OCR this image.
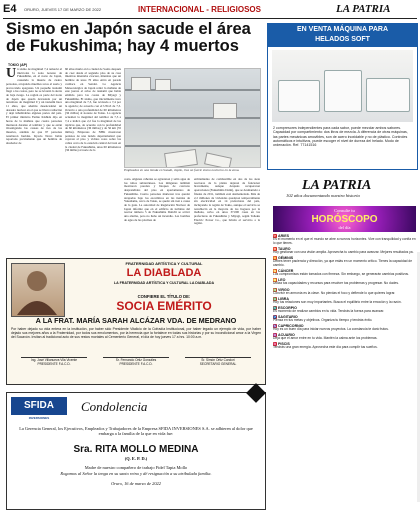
E4 ORURO, JUEVES 17 DE MARZO DE 2022	INTERNACIONAL - RELIGIOSOS	LA PATRIA
Sismo en Japón sacude el área de Fukushima; hay 4 muertos
TOKIO (AP)
Un sismo de magnitud 7,4 remeció el miércoles la zona noreste de Fukushima, en el norte de Japón, causando la muerte de cuatro personas, arrojando muebles rotos al suelo y provocando apagones. Un pequeño tsunami llegó a las costas, pero no se levantó la alerta de baja riesgo. La región es parte del norte de Japón que quedó devastada por un terremoto de magnitud 9 y un tsunami hace 11 años, que además desencadenó un desastre nuclear en el que se liberó radiación y dejó inhabitables algunas partes del país. El primer ministro Fumio Kishida dijo en horas de la mañana que cuatro personas murieron durante el temblor y que se están investigando las causas de tres de las muertes, además de que 97 personas resultaron heridas. Kyodo News había reportado previamente que un hombre de alrededor de
60 años murió en la ciudad de Soma después de caer desde el segundo piso de su casa mientras intentaba evacuar, mientras que un hombre de unos 70 años entró en parada cardiaca en Sendai. La Agencia Meteorológica de Japón retiró la mañana de este jueves el aviso de tsunami que había emitido para las costas de Miyagi y Fukushima. El sismo, que inicialmente tuvo una magnitud de 7,3, fue revisado a 7,4 por la agencia; de acuerdo con el USGS de 7,3. Ocurrió a una profundidad de 60 kilómetros (36 millas) al noreste de Tokio. La agencia actualizó la magnitud del temblor de 7,3 a 7,4 e indicó que 2,2 fue la magnitud de las réplicas que, de acuerdo con la profundidad de 60 kilómetros (36 millas) y de 56 km (35 millas). Empresas de NHK mostraron pedazos de una tienda departamental que cayeron al piso y vidrios rotos sobre las calles cerca de la estación central del tren en la ciudad de Fukushima, unos 60 kilómetros (36 millas) al norte de la
Empleados en una tienda en Suzaki, Japón, tras un fuerte sismo nocturno en la zona.
costa. Algunas cañerías se agrietaron y salió agua de los tubos subterráneos. Las imágenes también mostraron paredes y bloques de concreto desprendidos del piso en apartamentos de Fukushima. Cuatro personas murieron tras quedar atrapadas bajo los escombros en las tiendas de Yokohama, cerca de Tokio, se quedó sin tren a causa de la guía. La autoridad de Regulación Nuclear de Japón informó que en el edificio de turbinas del reactor número 5 de Fukushima Daiichi se activó una alarma, pero no hubo un incendio. Las bombas de agua de las piscinas de
enfriamiento de combustible en dos de los siete reactores de la planta dejaron de funcionar brevemente, aunque después recuperaron operaciones (Fukushima Daini), que se desmanteló a finales de 2011, también está desmantelada. Más de 2,2 millones de viviendas quedaron temporalmente sin electricidad en 14 prefecturas del país, incluyendo la región de Tokio, aunque el servicio se restableció en la mayoría de los hogares por la mañana, salvo en unos 37.000 casas en las prefecturas de Fukushima y Miyagi, según Tohoku Electric Power Co., que brinda el servicio a la región.
EN VENTA MÁQUINA PARA
HELADOS SOFT
2 compresores independientes para cada sabor, puede mezclar ambos sabores. Capacidad por compartimiento: dos litros de mezcla. A diferencia de otras máquinas, las partes mecánicas amovibles, son de acero inoxidable y no de plástico. Controles automáticos e intuitivos, puede escoger el nivel de dureza del helado. Modo de ordenación. Ref. 77141516
LA PATRIA
102 años documentando nuestra historia
Consulte tu
HORÓSCOPO
del día
♈ARIES
Es el momento en el que el mundo se abre a nuevos horizontes. Vive con tranquilidad y confía en lo que tienes.
♉TAURO
Hoy gestionar con una visión amplia. Aprovecha tu cambio para avanzar. Mejores resultados ya.
♊GÉMINIS
Debes tener paciencia y dirección, ya que estás en un momento crítico. Tienes la capacidad de cambio.
♋CÁNCER
Los compromisos están tomados con firmeza. Sin embargo, se generarán cambios positivos.
♌LEO
Utiliza tus capacidades y recursos para resolver tus problemas y progresar. No dudes.
♍VIRGO
Convivir en armonía es la clave. No pierdas el foco y defiende lo que quieres lograr.
♎LIBRA
Hoy tus relaciones son muy importantes. Busca el equilibrio entre la emoción y la razón.
♏ESCORPIO
Es momento de realizar cambios en tu vida. Tendrás la fuerza para avanzar.
♐SAGITARIO
Piensa en tus metas y objetivos. Organiza tu tiempo y tendrás éxito.
♑CAPRICORNIO
Hoy es un buen día para iniciar nuevos proyectos. La constancia te dará frutos.
♒ACUARIO
Deja que el amor entre en tu vida. Mantén la calma ante los problemas.
♓PISCIS
Tendrás una gran energía. Aprovecha este día para cumplir tus sueños.
FRATERNIDAD ARTÍSTICA Y CULTURAL
LA DIABLADA
LA FRATERNIDAD ARTÍSTICA Y CULTURAL LA DIABLADA
CONFIERE EL TÍTULO DE:
SOCIA EMÉRITO
A LA FRAT. MARÍA SARAH ALCÁZAR VDA. DE MEDRANO
Por haber dejado su vida entera en la institución, por haber sido Presidente Vitalicio de la Cofradía Institucional, por haber legado un ejemplo de vida, por haber dejado sus mejores años a la Fraternidad, por todos sus emolumentos, por la herencia que la fortalece en todas sus historias y por su incondicional amor a la Virgen del Socavón. Invitan al tradicional acto de sus restos mortales al Cementerio General, el día de hoy jueves 17 a hrs. 10:00 a.m.
Ing. José Villanueva Vila Vicente
PRESIDENTE F.A.C.D.
Sr. Fernando Ortiz Gonzáles
PRESIDENTE F.A.C.D.
Sr. Simón Ortiz Condori
SECRETARIO GENERAL
SFIDA
INVERSIONES
Condolencia
La Gerencia General, los Ejecutivos, Empleados y Trabajadores de la Empresa SFIDA INVERSIONES S.A. se adhieren al dolor que embarga a la familia de la que en vida fue:
Sra. RITA MOLLO MEDINA
(Q. E. P. D.)
Madre de nuestro compañero de trabajo Fidel Tapia Mollo
Rogamos al Señor la tenga en su santo reino y dé resignación a su atribulada familia.
Oruro, 16 de marzo de 2022
